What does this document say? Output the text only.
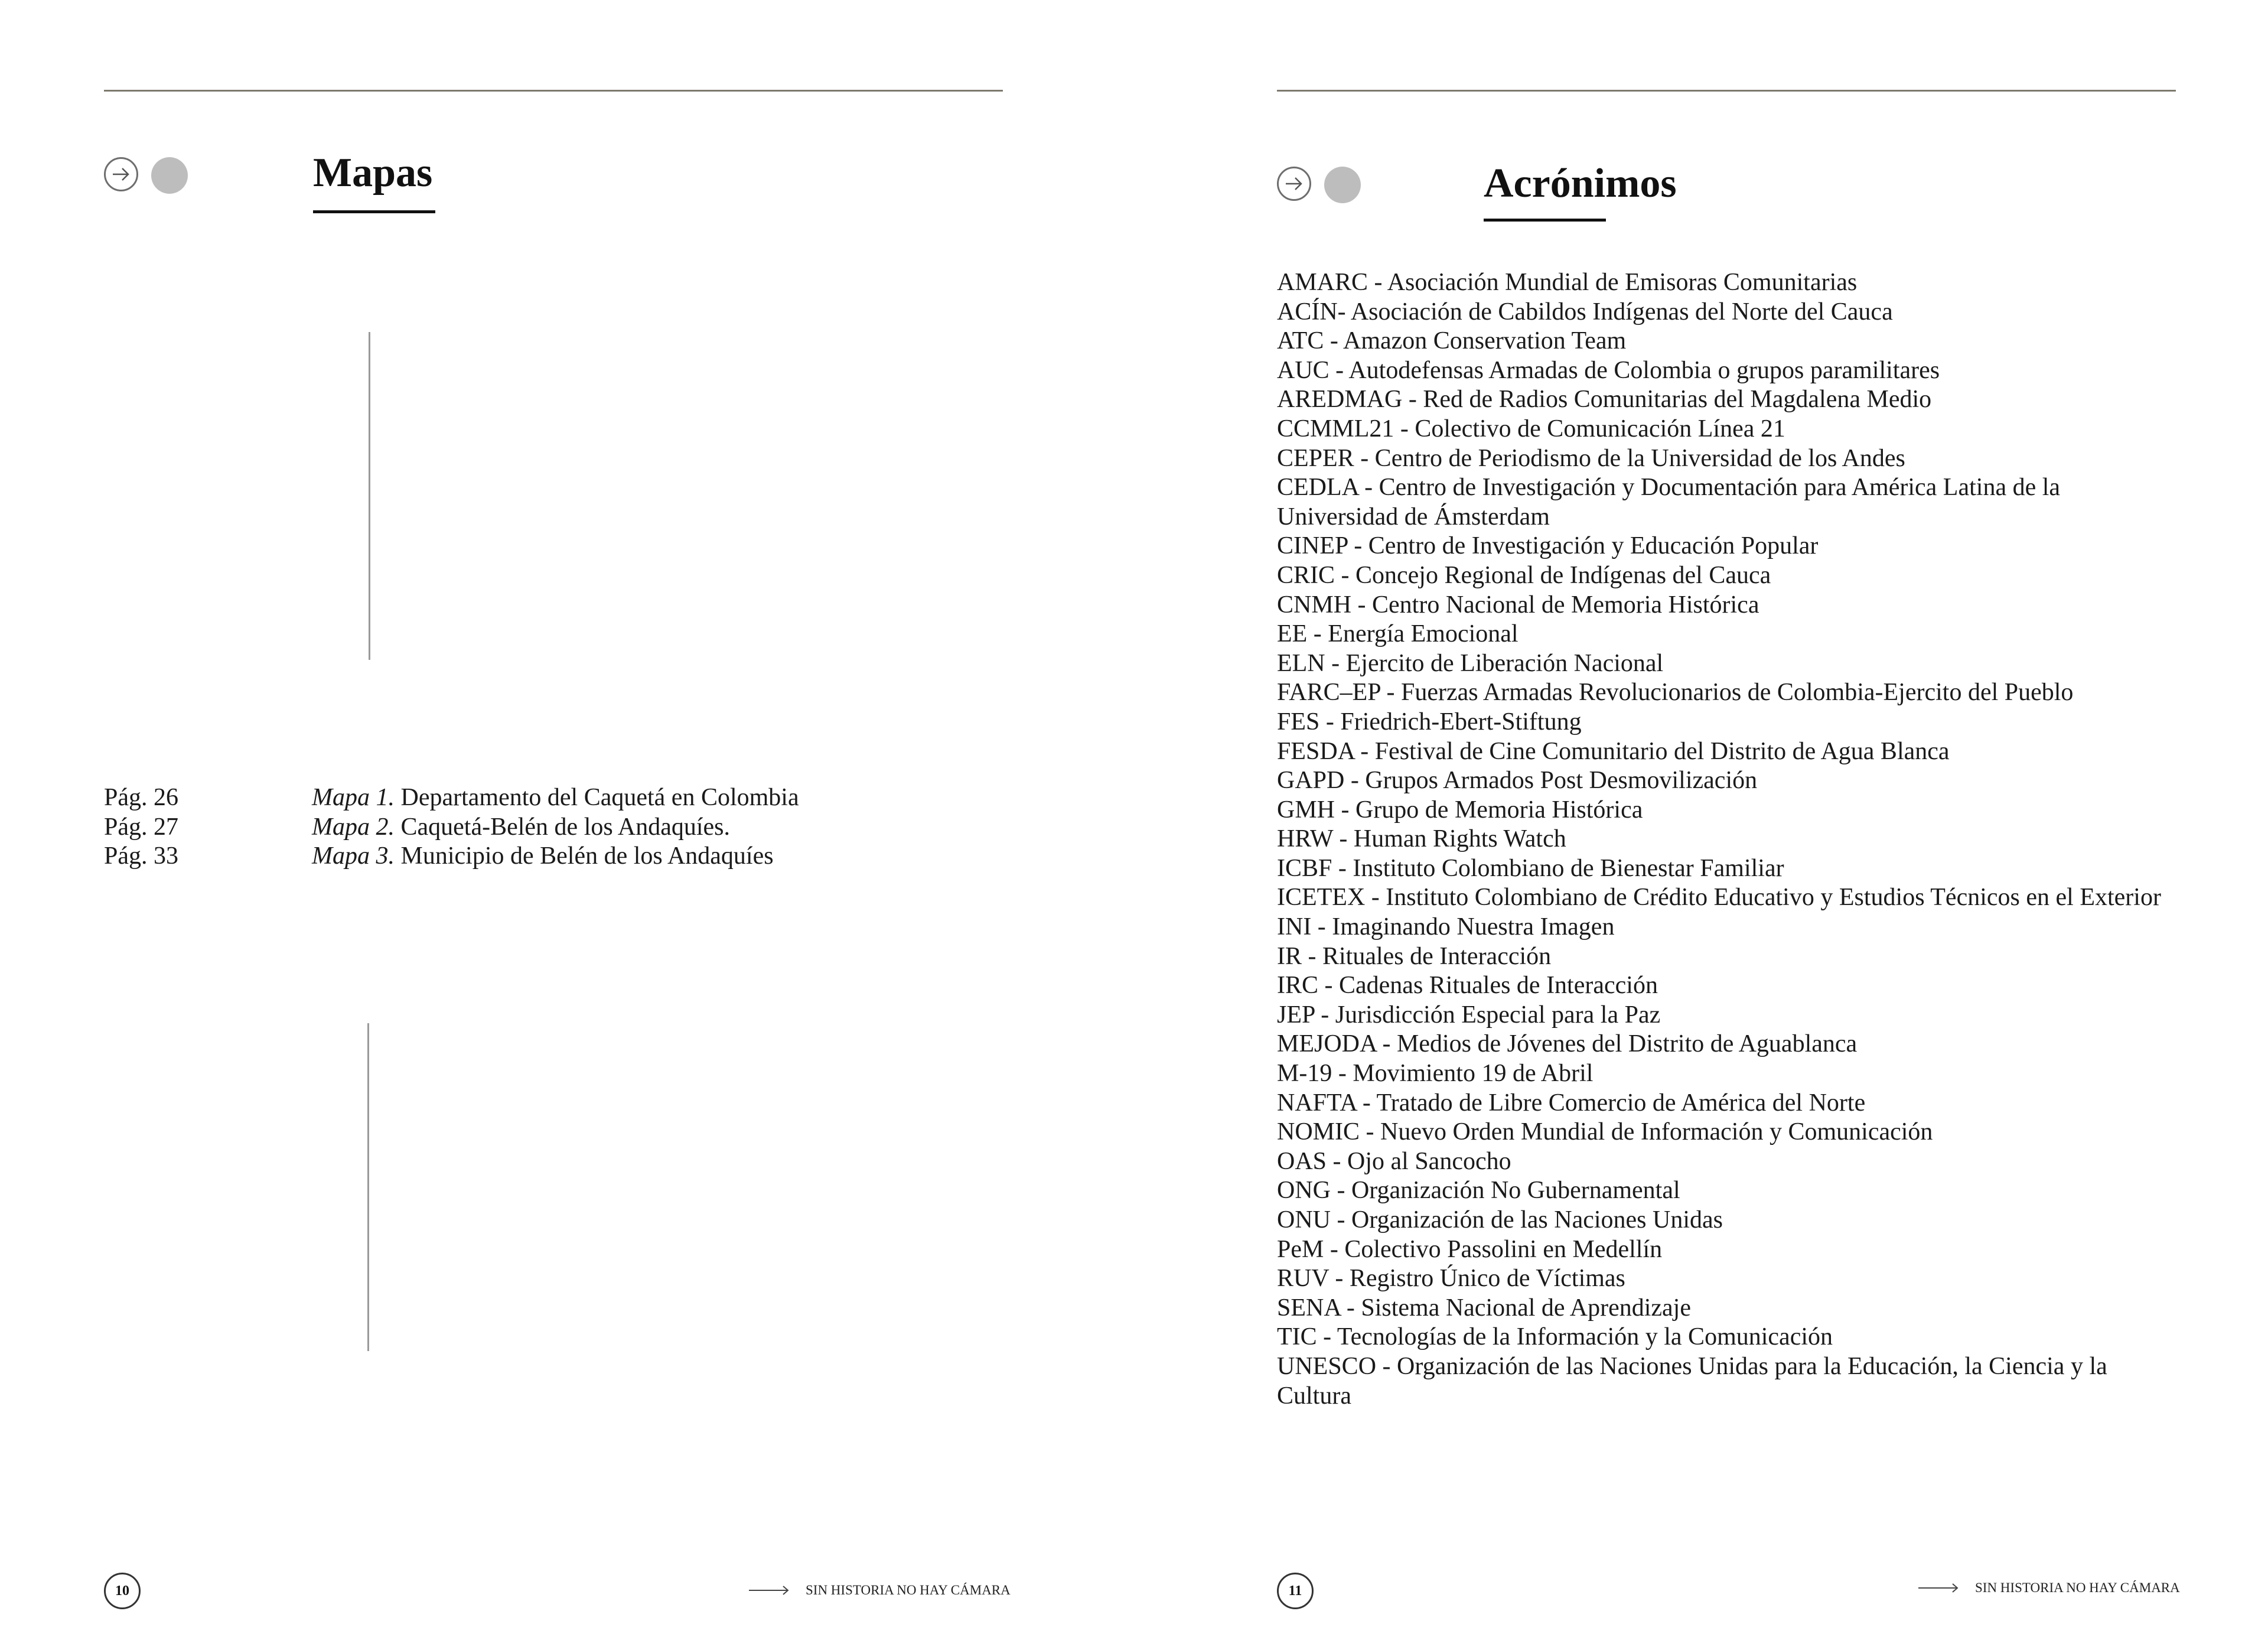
Mapas
Pág. 26	Mapa 1. Departamento del Caquetá en Colombia
Pág. 27	Mapa 2. Caquetá-Belén de los Andaquíes.
Pág. 33	Mapa 3. Municipio de Belén de los Andaquíes
10	SIN HISTORIA NO HAY CÁMARA
Acrónimos
AMARC - Asociación Mundial de Emisoras Comunitarias
ACÍN- Asociación de Cabildos Indígenas del Norte del Cauca
ATC - Amazon Conservation Team
AUC - Autodefensas Armadas de Colombia o grupos paramilitares
AREDMAG - Red de Radios Comunitarias del Magdalena Medio
CCMML21 - Colectivo de Comunicación Línea 21
CEPER - Centro de Periodismo de la Universidad de los Andes
CEDLA - Centro de Investigación y Documentación para América Latina de la Universidad de Ámsterdam
CINEP - Centro de Investigación y Educación Popular
CRIC - Concejo Regional de Indígenas del Cauca
CNMH - Centro Nacional de Memoria Histórica
EE - Energía Emocional
ELN - Ejercito de Liberación Nacional
FARC–EP - Fuerzas Armadas Revolucionarios de Colombia-Ejercito del Pueblo
FES - Friedrich-Ebert-Stiftung
FESDA - Festival de Cine Comunitario del Distrito de Agua Blanca
GAPD - Grupos Armados Post Desmovilización
GMH - Grupo de Memoria Histórica
HRW - Human Rights Watch
ICBF - Instituto Colombiano de Bienestar Familiar
ICETEX - Instituto Colombiano de Crédito Educativo y Estudios Técnicos en el Exterior
INI - Imaginando Nuestra Imagen
IR - Rituales de Interacción
IRC - Cadenas Rituales de Interacción
JEP - Jurisdicción Especial para la Paz
MEJODA - Medios de Jóvenes del Distrito de Aguablanca
M-19 - Movimiento 19 de Abril
NAFTA - Tratado de Libre Comercio de América del Norte
NOMIC - Nuevo Orden Mundial de Información y Comunicación
OAS - Ojo al Sancocho
ONG - Organización No Gubernamental
ONU - Organización de las Naciones Unidas
PeM - Colectivo Passolini en Medellín
RUV - Registro Único de Víctimas
SENA - Sistema Nacional de Aprendizaje
TIC - Tecnologías de la Información y la Comunicación
UNESCO - Organización de las Naciones Unidas para la Educación, la Ciencia y la Cultura
11	SIN HISTORIA NO HAY CÁMARA
